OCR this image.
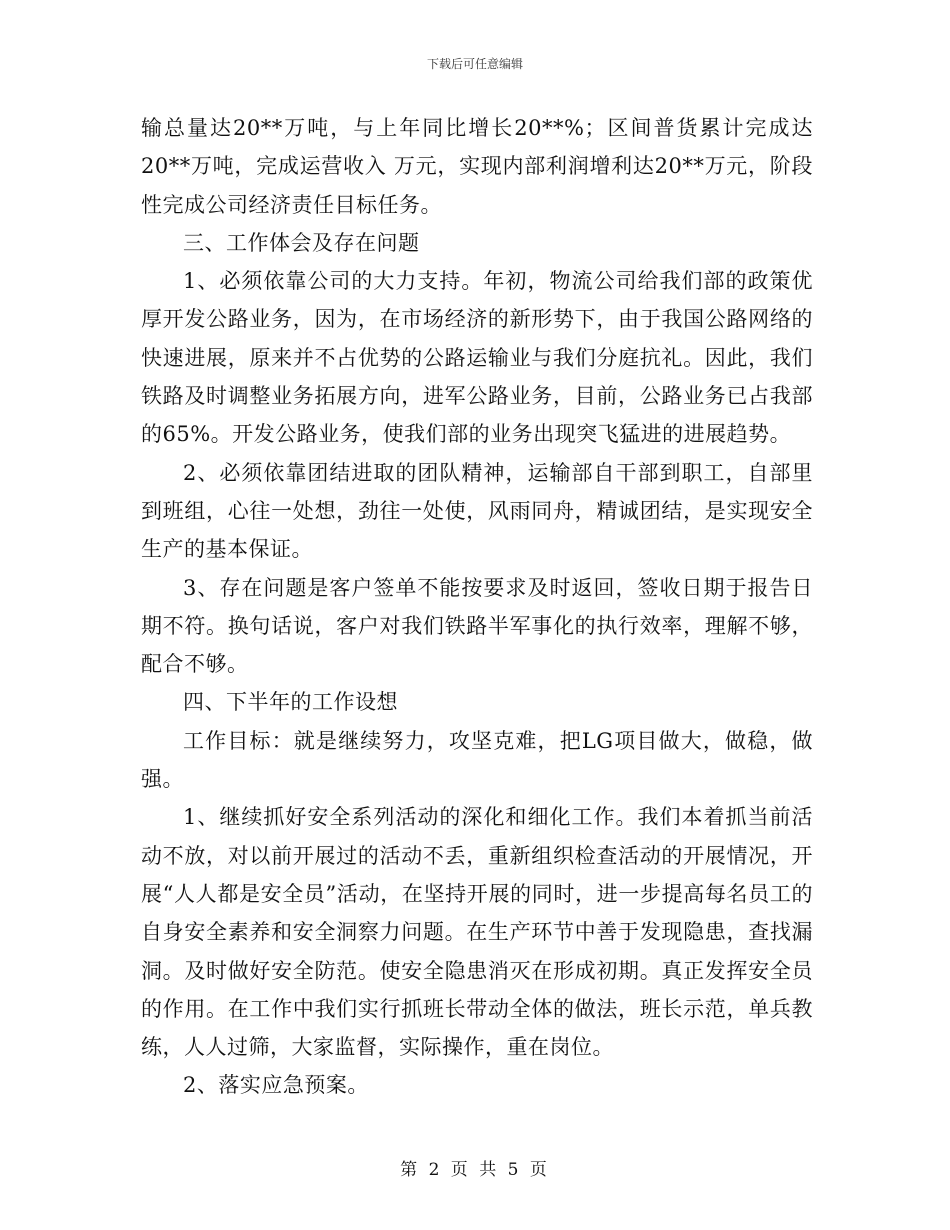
下载后可任意编辑

输总量达20**万吨，与上年同比增长20**%；区间普货累计完成达20**万吨，完成运营收入 万元，实现内部利润增利达20**万元，阶段性完成公司经济责任目标任务。

三、工作体会及存在问题

1、必须依靠公司的大力支持。年初，物流公司给我们部的政策优厚开发公路业务，因为，在市场经济的新形势下，由于我国公路网络的快速进展，原来并不占优势的公路运输业与我们分庭抗礼。因此，我们铁路及时调整业务拓展方向，进军公路业务，目前，公路业务已占我部的65%。开发公路业务，使我们部的业务出现突飞猛进的进展趋势。

2、必须依靠团结进取的团队精神，运输部自干部到职工，自部里到班组，心往一处想，劲往一处使，风雨同舟，精诚团结，是实现安全生产的基本保证。

3、存在问题是客户签单不能按要求及时返回，签收日期于报告日期不符。换句话说，客户对我们铁路半军事化的执行效率，理解不够，配合不够。

四、下半年的工作设想

工作目标：就是继续努力，攻坚克难，把LG项目做大，做稳，做强。

1、继续抓好安全系列活动的深化和细化工作。我们本着抓当前活动不放，对以前开展过的活动不丢，重新组织检查活动的开展情况，开展“人人都是安全员”活动，在坚持开展的同时，进一步提高每名员工的自身安全素养和安全洞察力问题。在生产环节中善于发现隐患，查找漏洞。及时做好安全防范。使安全隐患消灭在形成初期。真正发挥安全员的作用。在工作中我们实行抓班长带动全体的做法，班长示范，单兵教练，人人过筛，大家监督，实际操作，重在岗位。

2、落实应急预案。

第 2 页 共 5 页
